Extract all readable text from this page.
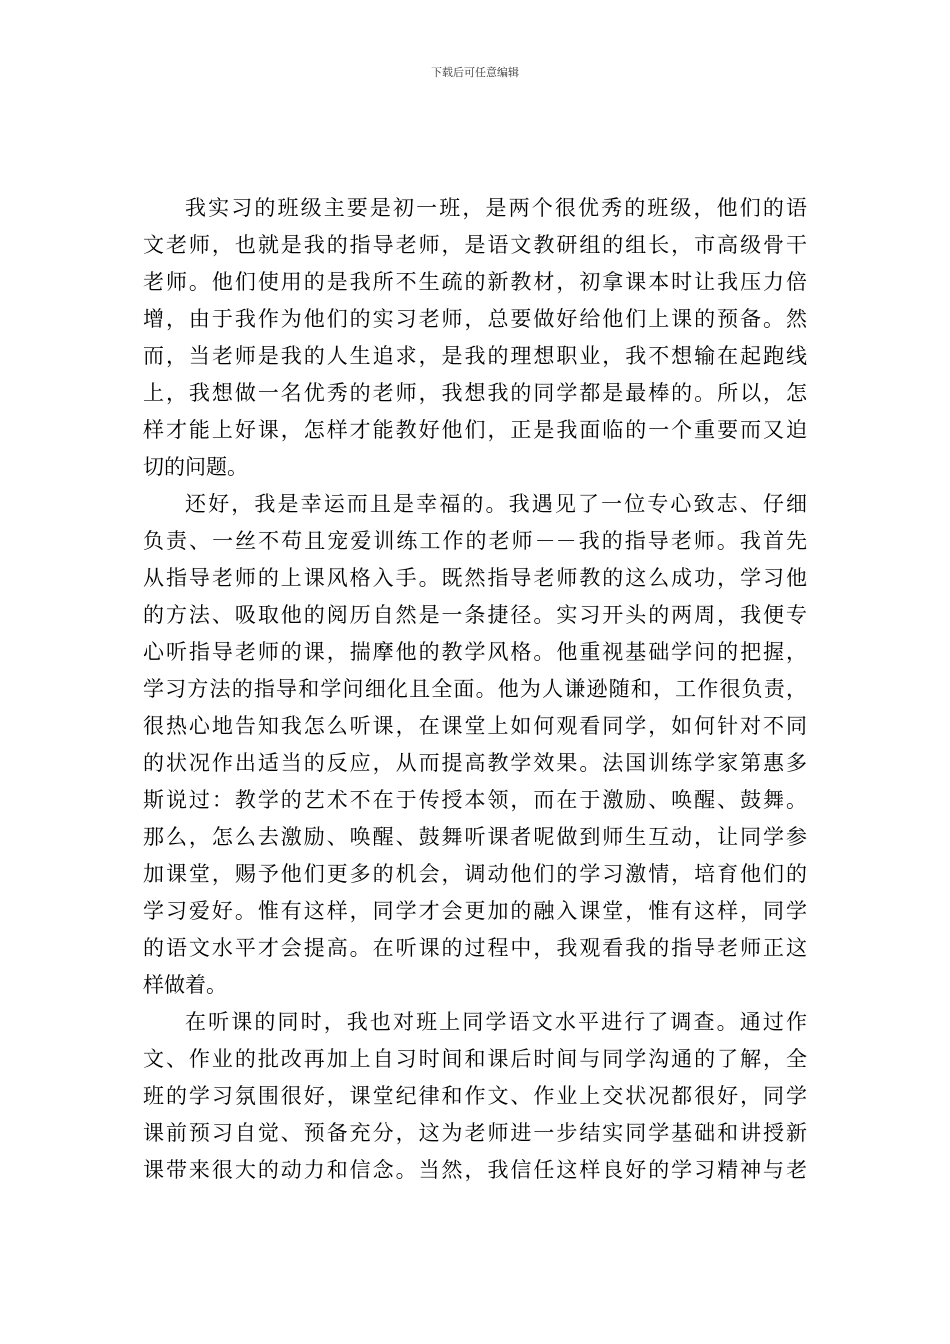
下载后可任意编辑
我实习的班级主要是初一班，是两个很优秀的班级，他们的语
文老师，也就是我的指导老师，是语文教研组的组长，市高级骨干
老师。他们使用的是我所不生疏的新教材，初拿课本时让我压力倍
增，由于我作为他们的实习老师，总要做好给他们上课的预备。然
而，当老师是我的人生追求，是我的理想职业，我不想输在起跑线
上，我想做一名优秀的老师，我想我的同学都是最棒的。所以，怎
样才能上好课，怎样才能教好他们，正是我面临的一个重要而又迫
切的问题。
还好，我是幸运而且是幸福的。我遇见了一位专心致志、仔细
负责、一丝不苟且宠爱训练工作的老师－－我的指导老师。我首先
从指导老师的上课风格入手。既然指导老师教的这么成功，学习他
的方法、吸取他的阅历自然是一条捷径。实习开头的两周，我便专
心听指导老师的课，揣摩他的教学风格。他重视基础学问的把握，
学习方法的指导和学问细化且全面。他为人谦逊随和，工作很负责，
很热心地告知我怎么听课，在课堂上如何观看同学，如何针对不同
的状况作出适当的反应，从而提高教学效果。法国训练学家第惠多
斯说过：教学的艺术不在于传授本领，而在于激励、唤醒、鼓舞。
那么，怎么去激励、唤醒、鼓舞听课者呢做到师生互动，让同学参
加课堂，赐予他们更多的机会，调动他们的学习激情，培育他们的
学习爱好。惟有这样，同学才会更加的融入课堂，惟有这样，同学
的语文水平才会提高。在听课的过程中，我观看我的指导老师正这
样做着。
在听课的同时，我也对班上同学语文水平进行了调查。通过作
文、作业的批改再加上自习时间和课后时间与同学沟通的了解，全
班的学习氛围很好，课堂纪律和作文、作业上交状况都很好，同学
课前预习自觉、预备充分，这为老师进一步结实同学基础和讲授新
课带来很大的动力和信念。当然，我信任这样良好的学习精神与老
